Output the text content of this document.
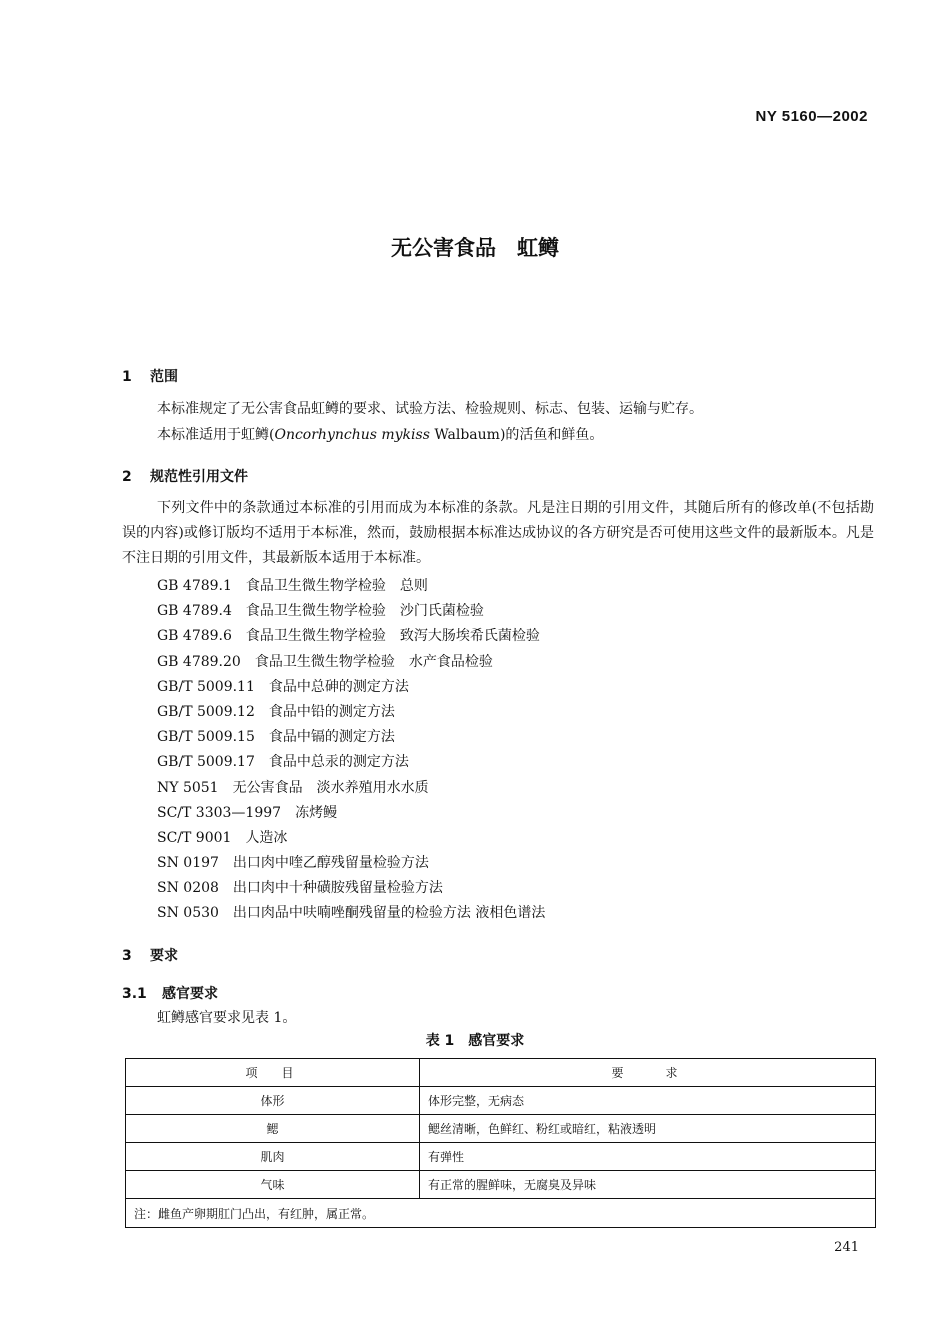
NY 5160—2002
无公害食品　虹鳟
1 范围
本标准规定了无公害食品虹鳟的要求、试验方法、检验规则、标志、包装、运输与贮存。
本标准适用于虹鳟(Oncorhynchus mykiss Walbaum)的活鱼和鲜鱼。
2 规范性引用文件
下列文件中的条款通过本标准的引用而成为本标准的条款。凡是注日期的引用文件，其随后所有的修改单(不包括勘误的内容)或修订版均不适用于本标准，然而，鼓励根据本标准达成协议的各方研究是否可使用这些文件的最新版本。凡是不注日期的引用文件，其最新版本适用于本标准。
GB 4789.1 食品卫生微生物学检验　总则
GB 4789.4 食品卫生微生物学检验　沙门氏菌检验
GB 4789.6 食品卫生微生物学检验　致泻大肠埃希氏菌检验
GB 4789.20 食品卫生微生物学检验　水产食品检验
GB/T 5009.11 食品中总砷的测定方法
GB/T 5009.12 食品中铅的测定方法
GB/T 5009.15 食品中镉的测定方法
GB/T 5009.17 食品中总汞的测定方法
NY 5051 无公害食品　淡水养殖用水水质
SC/T 3303—1997 冻烤鳗
SC/T 9001 人造冰
SN 0197 出口肉中喹乙醇残留量检验方法
SN 0208 出口肉中十种磺胺残留量检验方法
SN 0530 出口肉品中呋喃唑酮残留量的检验方法 液相色谱法
3 要求
3.1 感官要求
虹鳟感官要求见表 1。
表 1　感官要求
项　目	要　　求
体形	体形完整，无病态
鳃	鳃丝清晰，色鲜红、粉红或暗红，粘液透明
肌肉	有弹性
气味	有正常的腥鲜味，无腐臭及异味
注：雌鱼产卵期肛门凸出，有红肿，属正常。	
241
